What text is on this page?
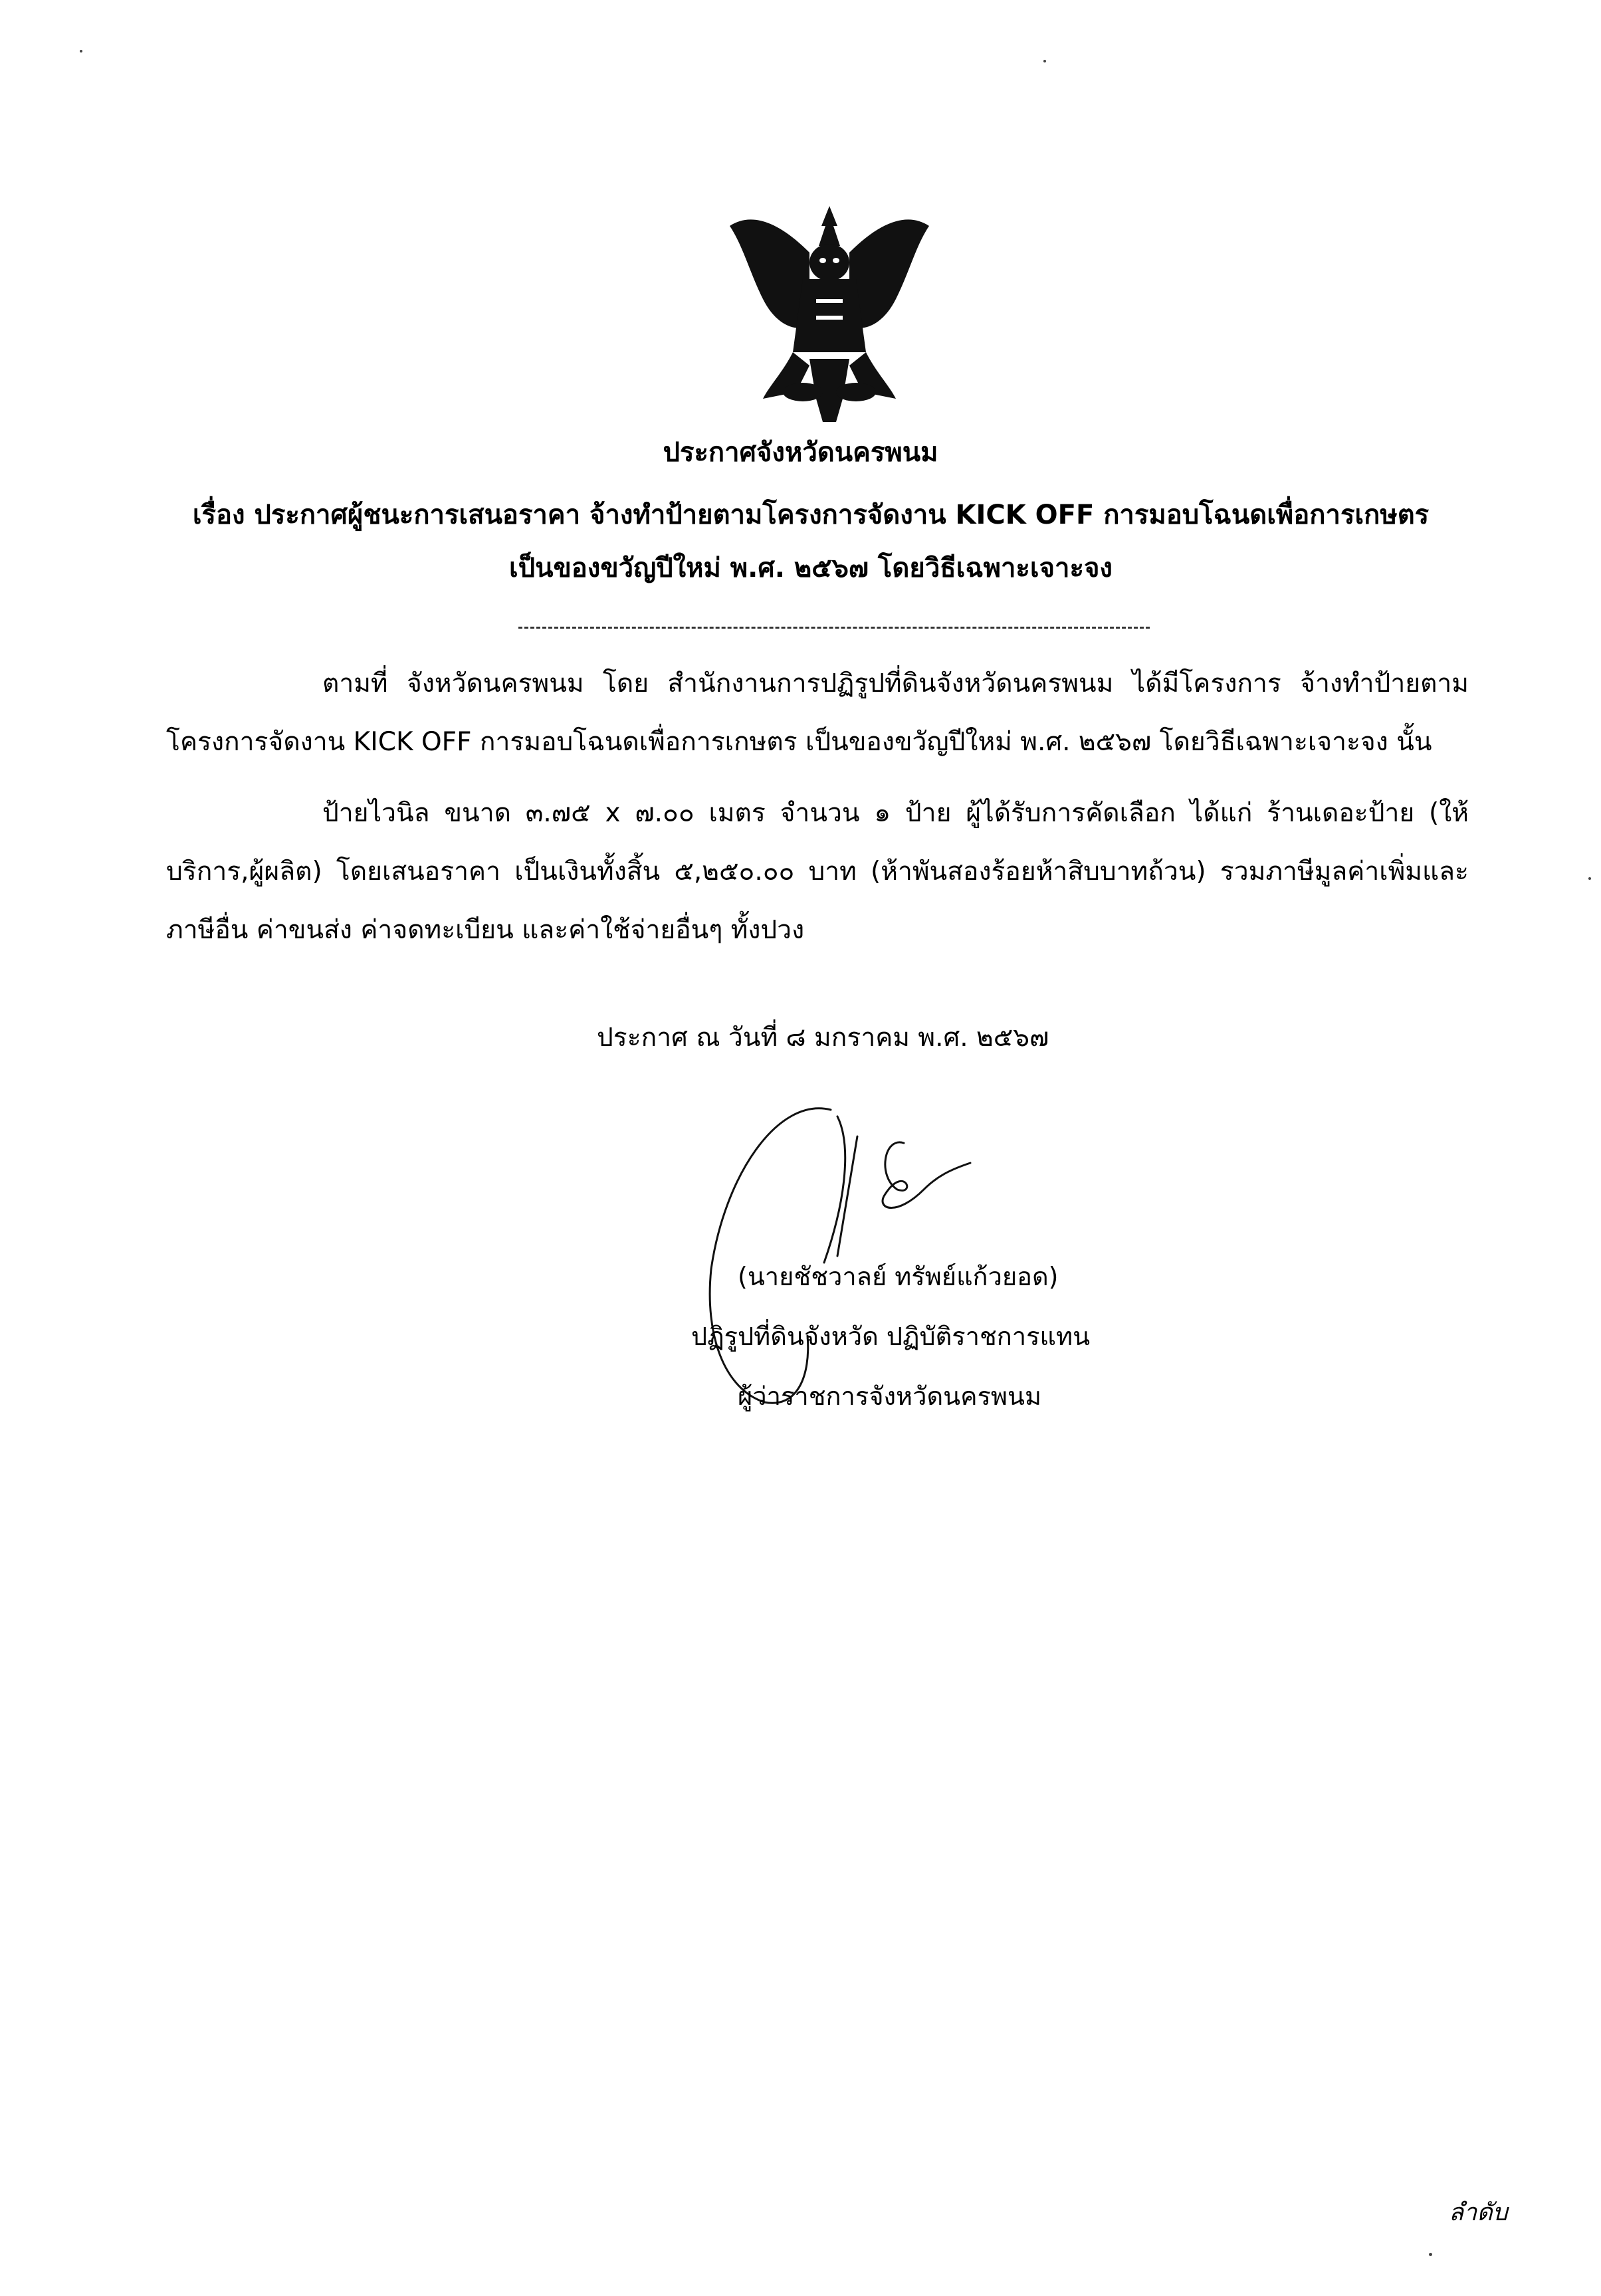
ประกาศจังหวัดนครพนม
เรื่อง ประกาศผู้ชนะการเสนอราคา จ้างทำป้ายตามโครงการจัดงาน KICK OFF การมอบโฉนดเพื่อการเกษตร
เป็นของขวัญปีใหม่ พ.ศ. ๒๕๖๗ โดยวิธีเฉพาะเจาะจง
ตามที่ จังหวัดนครพนม โดย สำนักงานการปฏิรูปที่ดินจังหวัดนครพนม ได้มีโครงการ จ้างทำป้ายตามโครงการจัดงาน KICK OFF การมอบโฉนดเพื่อการเกษตร เป็นของขวัญปีใหม่ พ.ศ. ๒๕๖๗ โดยวิธีเฉพาะเจาะจง นั้น
ป้ายไวนิล ขนาด ๓.๗๕ x ๗.๐๐ เมตร จำนวน ๑ ป้าย ผู้ได้รับการคัดเลือก ได้แก่ ร้านเดอะป้าย (ให้บริการ,ผู้ผลิต) โดยเสนอราคา เป็นเงินทั้งสิ้น ๕,๒๕๐.๐๐ บาท (ห้าพันสองร้อยห้าสิบบาทถ้วน) รวมภาษีมูลค่าเพิ่มและภาษีอื่น ค่าขนส่ง ค่าจดทะเบียน และค่าใช้จ่ายอื่นๆ ทั้งปวง
ประกาศ ณ วันที่ ๘ มกราคม พ.ศ. ๒๕๖๗
(นายชัชวาลย์ ทรัพย์แก้วยอด)
ปฏิรูปที่ดินจังหวัด ปฏิบัติราชการแทน
ผู้ว่าราชการจังหวัดนครพนม
ลำดับ
